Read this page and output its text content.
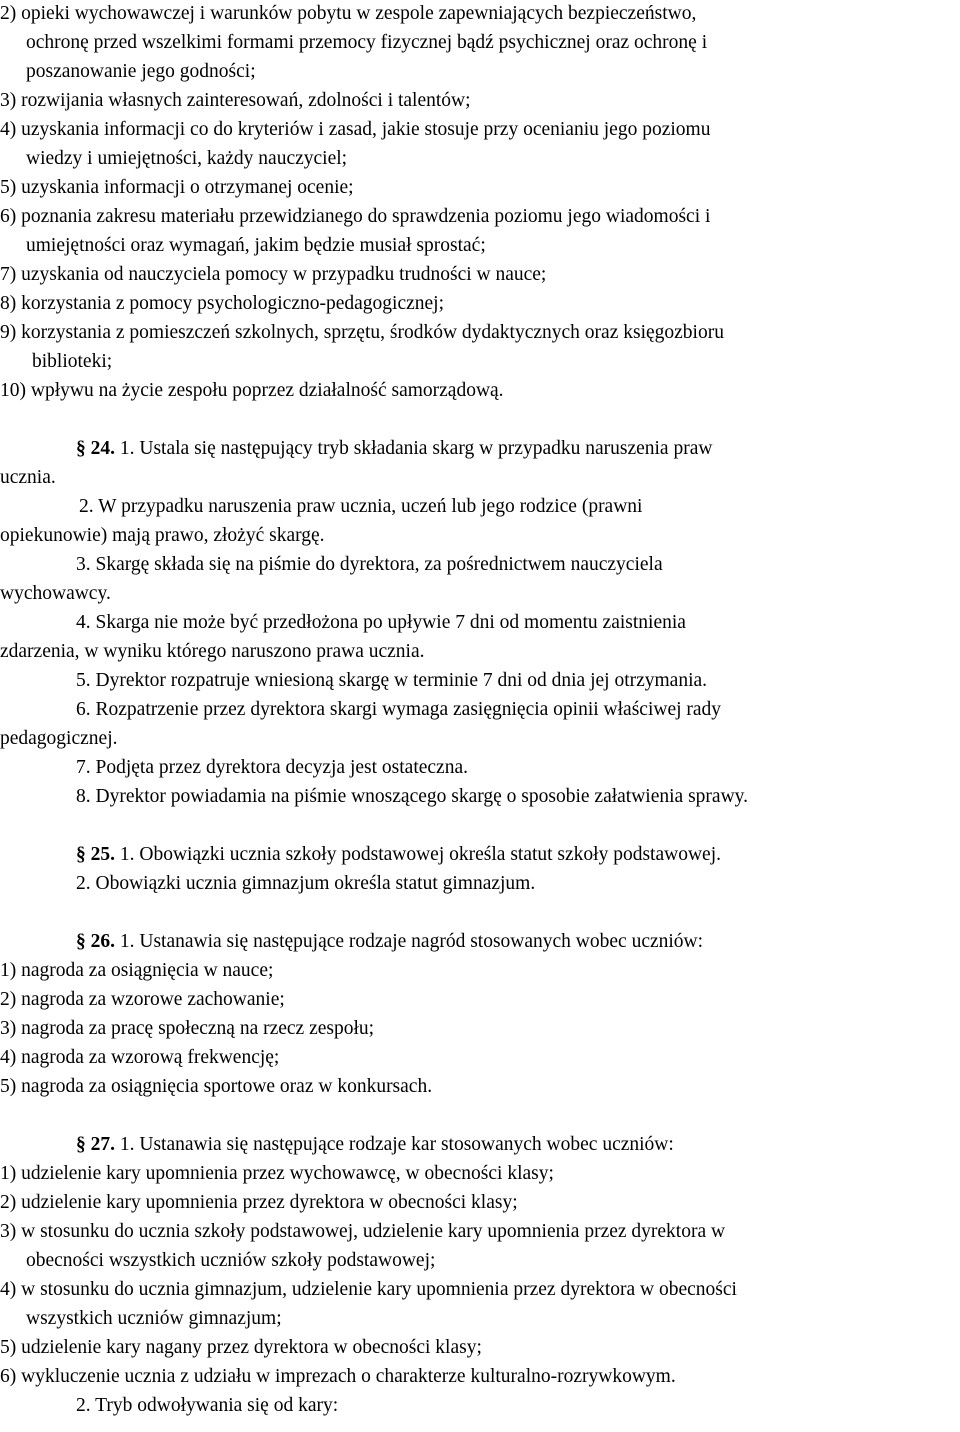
2) opieki wychowawczej i warunków pobytu w zespole zapewniających bezpieczeństwo,
ochronę przed wszelkimi formami przemocy fizycznej bądź psychicznej oraz ochronę i
poszanowanie jego godności;
3) rozwijania własnych zainteresowań, zdolności i talentów;
4) uzyskania informacji co do kryteriów i zasad, jakie stosuje przy ocenianiu jego poziomu
wiedzy i umiejętności, każdy nauczyciel;
5) uzyskania informacji o otrzymanej ocenie;
6) poznania zakresu materiału przewidzianego do sprawdzenia poziomu jego wiadomości i
umiejętności oraz wymagań, jakim będzie musiał sprostać;
7) uzyskania od nauczyciela pomocy w przypadku trudności w nauce;
8) korzystania z pomocy psychologiczno-pedagogicznej;
9) korzystania z pomieszczeń szkolnych, sprzętu, środków dydaktycznych oraz księgozbioru
biblioteki;
10) wpływu na życie zespołu poprzez działalność samorządową.
§ 24. 1. Ustala się następujący tryb składania skarg w przypadku naruszenia praw
ucznia.
2. W przypadku naruszenia praw ucznia, uczeń lub jego rodzice (prawni
opiekunowie) mają prawo, złożyć skargę.
3. Skargę składa się na piśmie do dyrektora, za pośrednictwem nauczyciela
wychowawcy.
4. Skarga nie może być przedłożona po upływie 7 dni od momentu zaistnienia
zdarzenia, w wyniku którego naruszono prawa ucznia.
5. Dyrektor rozpatruje wniesioną skargę w terminie 7 dni od dnia jej otrzymania.
6. Rozpatrzenie przez dyrektora skargi wymaga zasięgnięcia opinii właściwej rady
pedagogicznej.
7. Podjęta przez dyrektora decyzja jest ostateczna.
8. Dyrektor powiadamia na piśmie wnoszącego skargę o sposobie załatwienia sprawy.
§ 25. 1. Obowiązki ucznia szkoły podstawowej określa statut szkoły podstawowej.
2. Obowiązki ucznia gimnazjum określa statut gimnazjum.
§ 26. 1. Ustanawia się następujące rodzaje nagród stosowanych wobec uczniów:
1) nagroda za osiągnięcia w nauce;
2) nagroda za wzorowe zachowanie;
3) nagroda za pracę społeczną na rzecz zespołu;
4) nagroda za wzorową frekwencję;
5) nagroda za osiągnięcia sportowe oraz w konkursach.
§ 27. 1. Ustanawia się następujące rodzaje kar stosowanych wobec uczniów:
1) udzielenie kary upomnienia przez wychowawcę, w obecności klasy;
2) udzielenie kary upomnienia przez dyrektora w obecności klasy;
3) w stosunku do ucznia szkoły podstawowej, udzielenie kary upomnienia przez dyrektora w
obecności wszystkich uczniów szkoły podstawowej;
4) w stosunku do ucznia gimnazjum, udzielenie kary upomnienia przez dyrektora w obecności
wszystkich uczniów gimnazjum;
5) udzielenie kary nagany przez dyrektora w obecności klasy;
6) wykluczenie ucznia z udziału w imprezach o charakterze kulturalno-rozrywkowym.
2. Tryb odwoływania się od kary:
